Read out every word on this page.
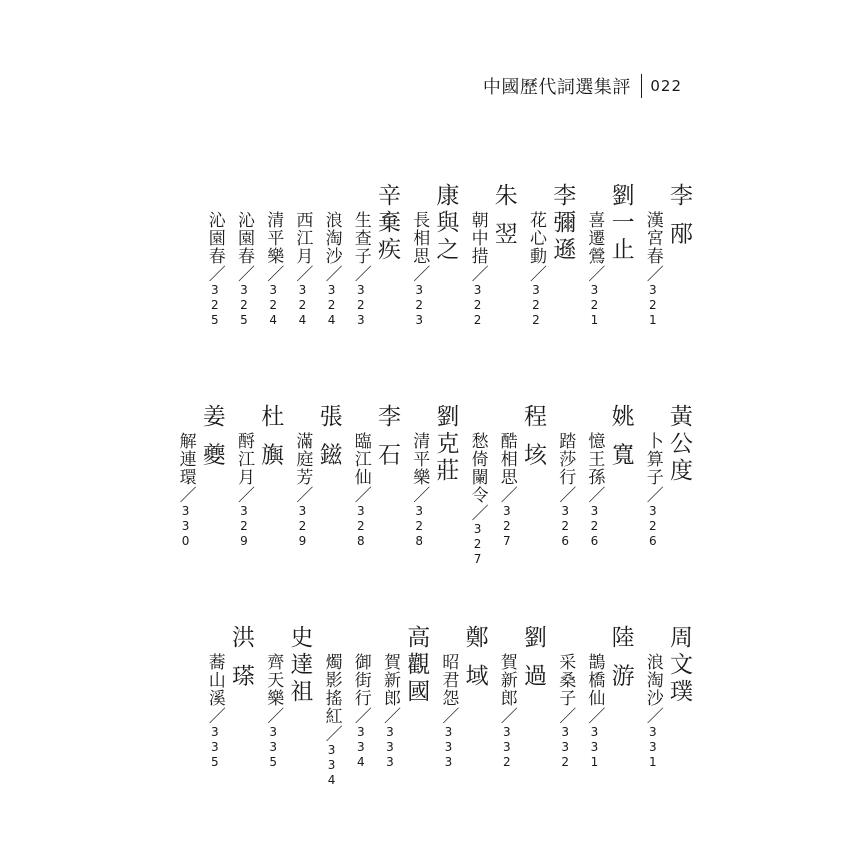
中國歷代詞選集評 022
李 邴
漢宮春／321
劉一止
喜遷鶯／321
李彌遜
花心動／322
朱 翌
朝中措／322
康與之
長相思／323
辛棄疾
生查子／323
浪淘沙／324
西江月／324
清平樂／324
沁園春／325
沁園春／325
黃公度
卜算子／326
姚 寬
憶王孫／326
踏莎行／326
程 垓
酷相思／327
愁倚闌令／327
劉克莊
清平樂／328
李 石
臨江仙／328
張 鎡
滿庭芳／329
杜 旟
酹江月／329
姜 夔
解連環／330
周文璞
浪淘沙／331
陸 游
鵲橋仙／331
采桑子／332
劉 過
賀新郎／332
鄭 域
昭君怨／333
高觀國
賀新郎／333
御街行／334
燭影搖紅／334
史達祖
齊天樂／335
洪 瑹
蕎山溪／335
